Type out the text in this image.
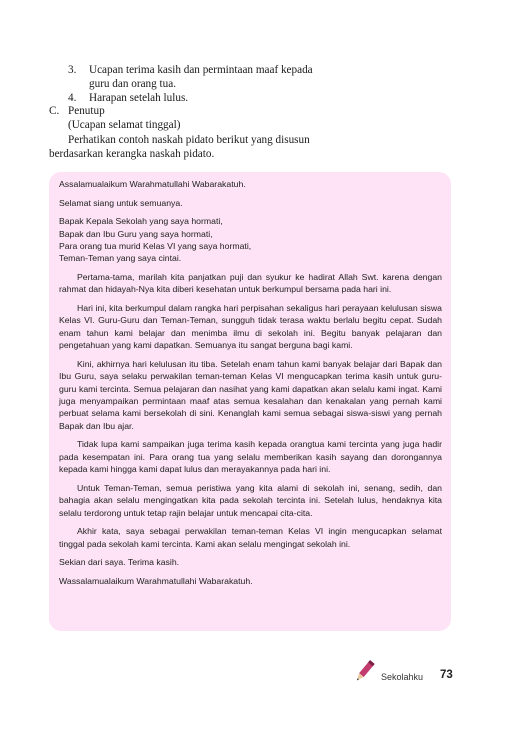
3. Ucapan terima kasih dan permintaan maaf kepada
guru dan orang tua.
4. Harapan setelah lulus.
C. Penutup
(Ucapan selamat tinggal)
Perhatikan contoh naskah pidato berikut yang disusun
berdasarkan kerangka naskah pidato.

Assalamualaikum Warahmatullahi Wabarakatuh.

Selamat siang untuk semuanya.

Bapak Kepala Sekolah yang saya hormati,
Bapak dan Ibu Guru yang saya hormati,
Para orang tua murid Kelas VI yang saya hormati,
Teman-Teman yang saya cintai.

Pertama-tama, marilah kita panjatkan puji dan syukur ke hadirat Allah Swt. karena dengan rahmat dan hidayah-Nya kita diberi kesehatan untuk berkumpul bersama pada hari ini.

Hari ini, kita berkumpul dalam rangka hari perpisahan sekaligus hari perayaan kelulusan siswa Kelas VI. Guru-Guru dan Teman-Teman, sungguh tidak terasa waktu berlalu begitu cepat. Sudah enam tahun kami belajar dan menimba ilmu di sekolah ini. Begitu banyak pelajaran dan pengetahuan yang kami dapatkan. Semuanya itu sangat berguna bagi kami.

Kini, akhirnya hari kelulusan itu tiba. Setelah enam tahun kami banyak belajar dari Bapak dan Ibu Guru, saya selaku perwakilan teman-teman Kelas VI mengucapkan terima kasih untuk guru-guru kami tercinta. Semua pelajaran dan nasihat yang kami dapatkan akan selalu kami ingat. Kami juga menyampaikan permintaan maaf atas semua kesalahan dan kenakalan yang pernah kami perbuat selama kami bersekolah di sini. Kenanglah kami semua sebagai siswa-siswi yang pernah Bapak dan Ibu ajar.

Tidak lupa kami sampaikan juga terima kasih kepada orangtua kami tercinta yang juga hadir pada kesempatan ini. Para orang tua yang selalu memberikan kasih sayang dan dorongannya kepada kami hingga kami dapat lulus dan merayakannya pada hari ini.

Untuk Teman-Teman, semua peristiwa yang kita alami di sekolah ini, senang, sedih, dan bahagia akan selalu mengingatkan kita pada sekolah tercinta ini. Setelah lulus, hendaknya kita selalu terdorong untuk tetap rajin belajar untuk mencapai cita-cita.

Akhir kata, saya sebagai perwakilan teman-teman Kelas VI ingin mengucapkan selamat tinggal pada sekolah kami tercinta. Kami akan selalu mengingat sekolah ini.

Sekian dari saya. Terima kasih.

Wassalamualaikum Warahmatullahi Wabarakatuh.

Sekolahku 73
